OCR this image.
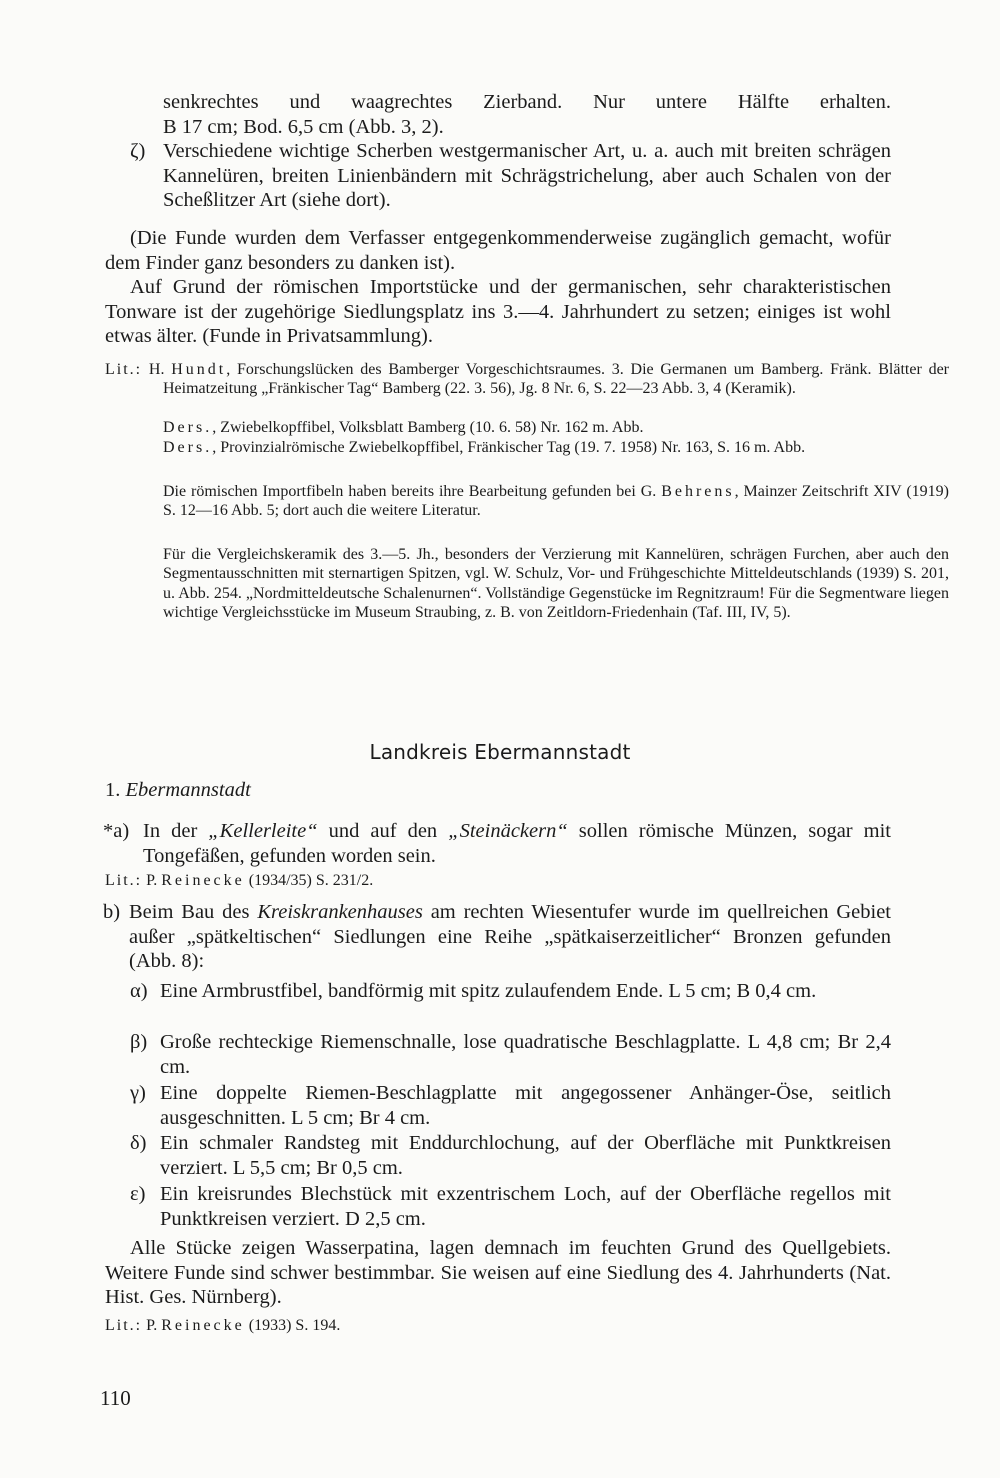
senkrechtes und waagrechtes Zierband. Nur untere Hälfte erhalten.

B 17 cm; Bod. 6,5 cm (Abb. 3, 2).

ζ) Verschiedene wichtige Scherben westgermanischer Art, u. a. auch mit breiten schrägen Kannelüren, breiten Linienbändern mit Schrägstrichelung, aber auch Schalen von der Scheßlitzer Art (siehe dort).
(Die Funde wurden dem Verfasser entgegenkommenderweise zugänglich gemacht, wofür dem Finder ganz besonders zu danken ist).
Auf Grund der römischen Importstücke und der germanischen, sehr charakteristischen Tonware ist der zugehörige Siedlungsplatz ins 3.—4. Jahrhundert zu setzen; einiges ist wohl etwas älter. (Funde in Privatsammlung).
Lit.: H. Hundt, Forschungslücken des Bamberger Vorgeschichtsraumes. 3. Die Germanen um Bamberg. Fränk. Blätter der Heimatzeitung „Fränkischer Tag“ Bamberg (22. 3. 56), Jg. 8 Nr. 6, S. 22—23 Abb. 3, 4 (Keramik).
Ders., Zwiebelkopffibel, Volksblatt Bamberg (10. 6. 58) Nr. 162 m. Abb.
Ders., Provinzialrömische Zwiebelkopffibel, Fränkischer Tag (19. 7. 1958) Nr. 163, S. 16 m. Abb.
Die römischen Importfibeln haben bereits ihre Bearbeitung gefunden bei G. Behrens, Mainzer Zeitschrift XIV (1919) S. 12—16 Abb. 5; dort auch die weitere Literatur.
Für die Vergleichskeramik des 3.—5. Jh., besonders der Verzierung mit Kannelüren, schrägen Furchen, aber auch den Segmentausschnitten mit sternartigen Spitzen, vgl. W. Schulz, Vor- und Frühgeschichte Mitteldeutschlands (1939) S. 201, u. Abb. 254. „Nordmitteldeutsche Schalenurnen“. Vollständige Gegenstücke im Regnitzraum! Für die Segmentware liegen wichtige Vergleichsstücke im Museum Straubing, z. B. von Zeitldorn-Friedenhain (Taf. III, IV, 5).
Landkreis Ebermannstadt
1. Ebermannstadt
*a) In der „Kellerleite“ und auf den „Steinäckern“ sollen römische Münzen, sogar mit Tongefäßen, gefunden worden sein.
Lit.: P. Reinecke (1934/35) S. 231/2.
b) Beim Bau des Kreiskrankenhauses am rechten Wiesentufer wurde im quellreichen Gebiet außer „spätkeltischen“ Siedlungen eine Reihe „spätkaiserzeitlicher“ Bronzen gefunden (Abb. 8):
α) Eine Armbrustfibel, bandförmig mit spitz zulaufendem Ende. L 5 cm; B 0,4 cm.
β) Große rechteckige Riemenschnalle, lose quadratische Beschlagplatte. L 4,8 cm; Br 2,4 cm.
γ) Eine doppelte Riemen-Beschlagplatte mit angegossener Anhänger-Öse, seitlich ausgeschnitten. L 5 cm; Br 4 cm.
δ) Ein schmaler Randsteg mit Enddurchlochung, auf der Oberfläche mit Punktkreisen verziert. L 5,5 cm; Br 0,5 cm.
ε) Ein kreisrundes Blechstück mit exzentrischem Loch, auf der Oberfläche regellos mit Punktkreisen verziert. D 2,5 cm.
Alle Stücke zeigen Wasserpatina, lagen demnach im feuchten Grund des Quellgebiets. Weitere Funde sind schwer bestimmbar. Sie weisen auf eine Siedlung des 4. Jahrhunderts (Nat. Hist. Ges. Nürnberg).
Lit.: P. Reinecke (1933) S. 194.
110
